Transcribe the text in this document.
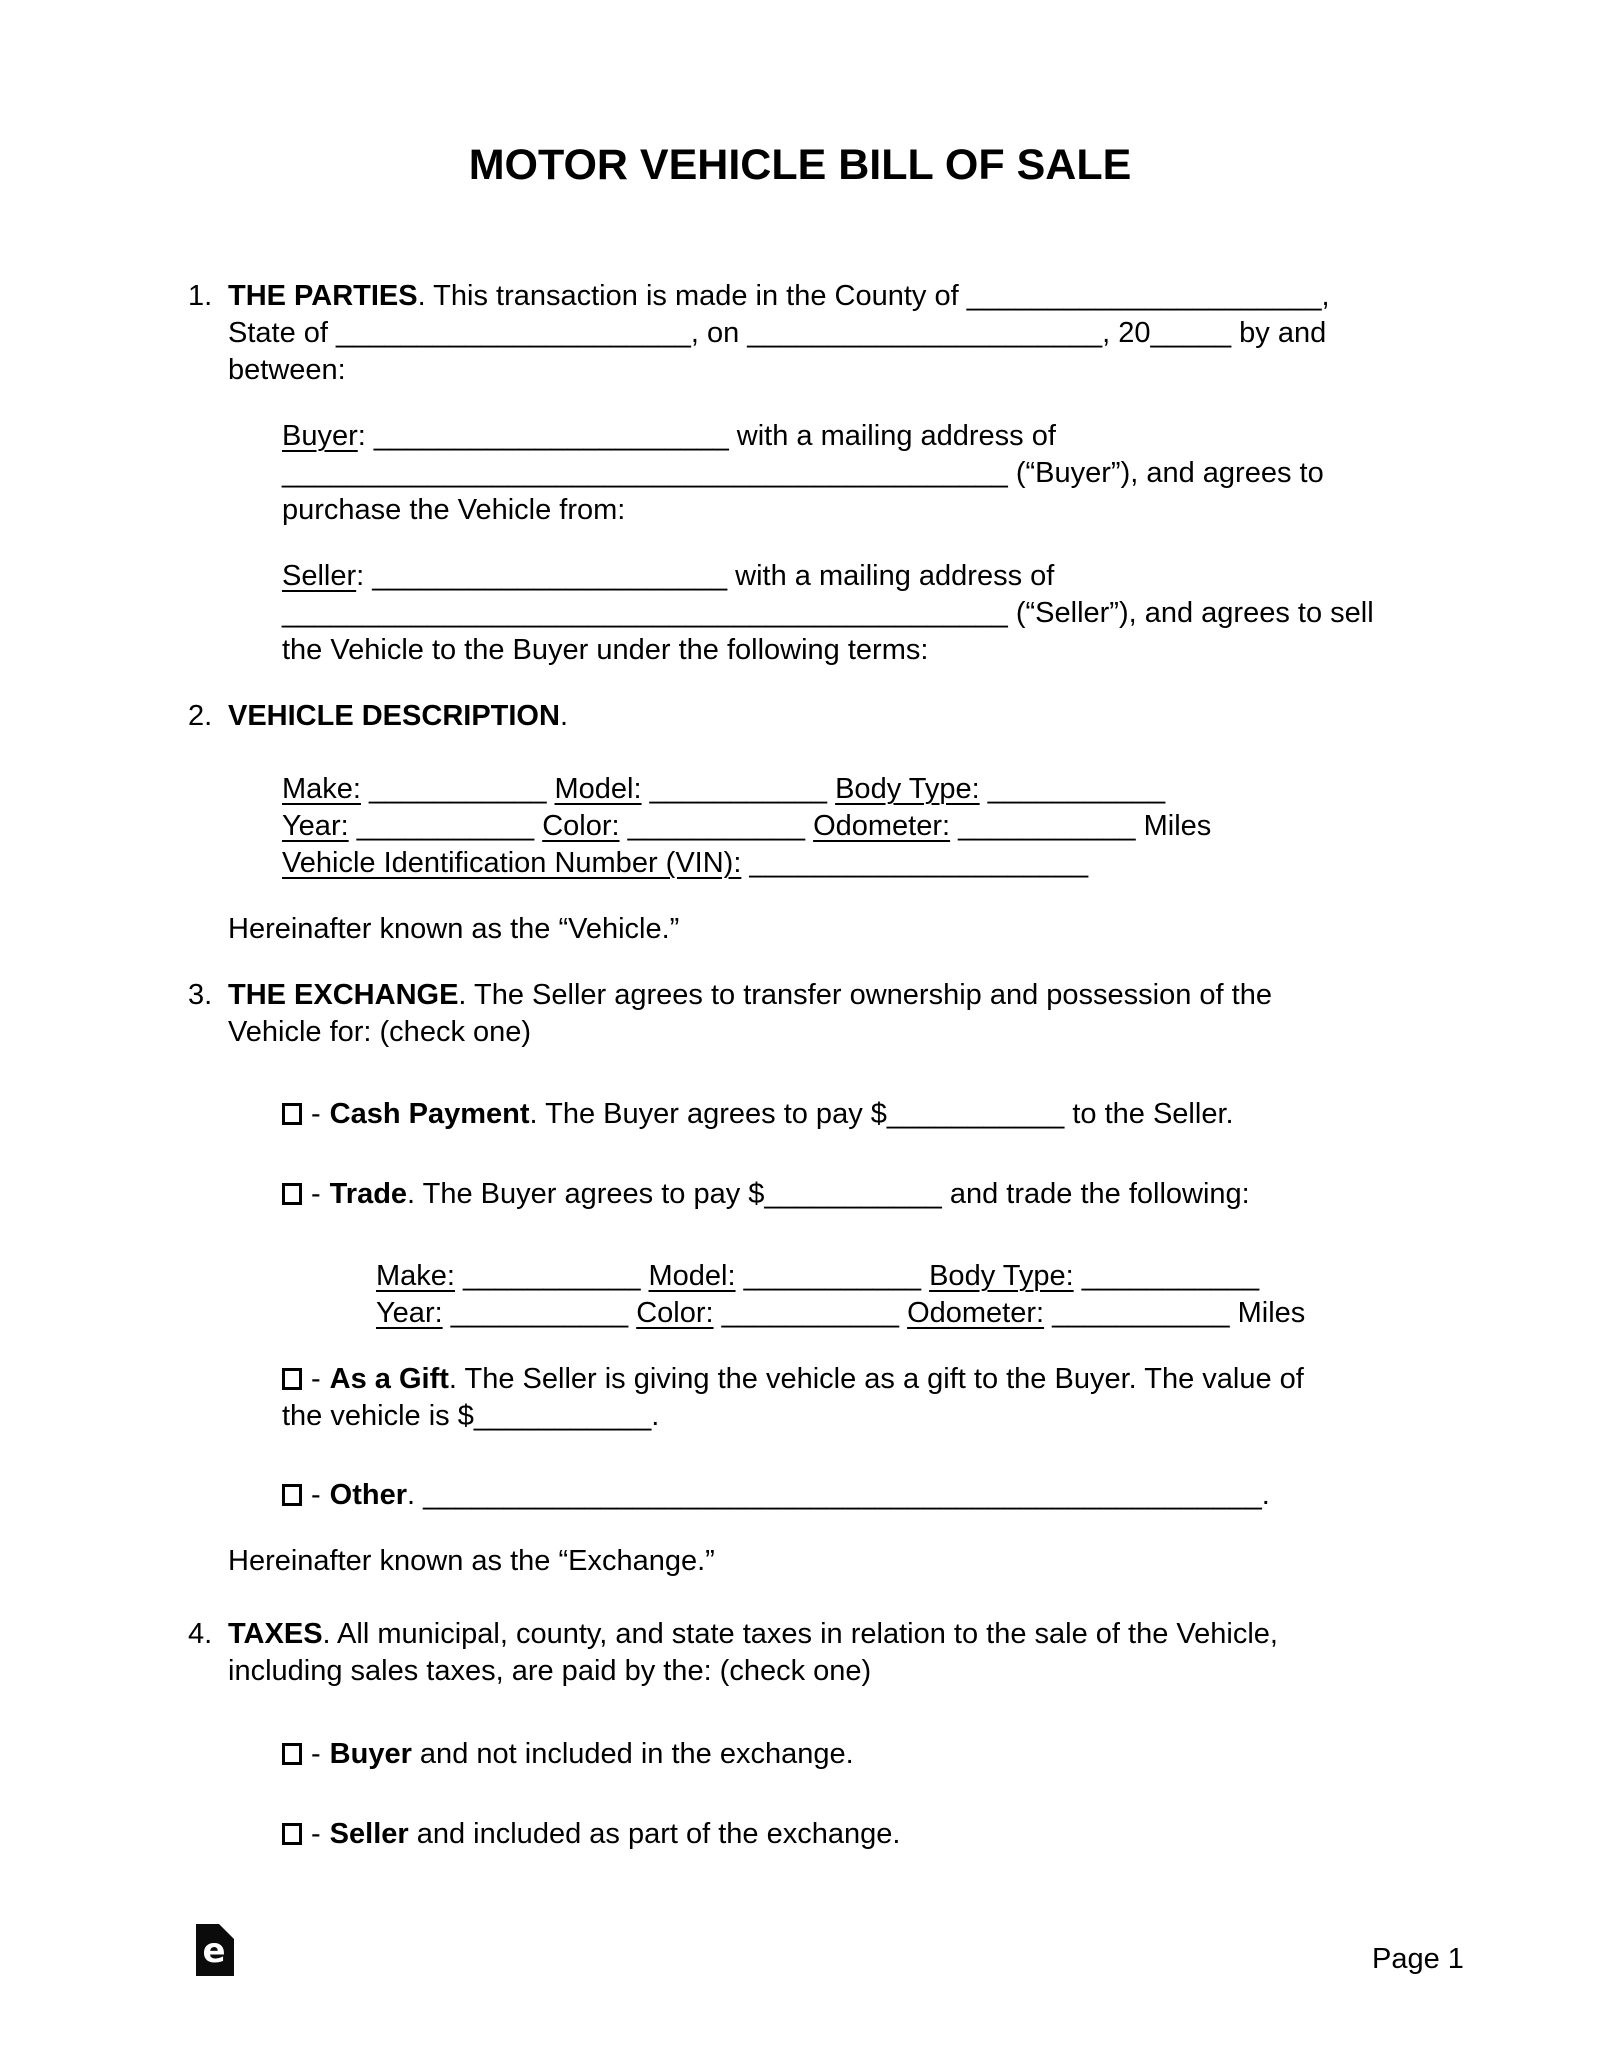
MOTOR VEHICLE BILL OF SALE
1. THE PARTIES. This transaction is made in the County of ______________________,
State of ______________________, on ______________________, 20_____ by and
between:
Buyer: ______________________ with a mailing address of
_____________________________________________ (“Buyer”), and agrees to
purchase the Vehicle from:
Seller: ______________________ with a mailing address of
_____________________________________________ (“Seller”), and agrees to sell
the Vehicle to the Buyer under the following terms:
2. VEHICLE DESCRIPTION.
Make: ___________ Model: ___________ Body Type: ___________
Year: ___________ Color: ___________ Odometer: ___________ Miles
Vehicle Identification Number (VIN): _____________________
Hereinafter known as the “Vehicle.”
3. THE EXCHANGE. The Seller agrees to transfer ownership and possession of the
Vehicle for: (check one)
- Cash Payment. The Buyer agrees to pay $___________ to the Seller.
- Trade. The Buyer agrees to pay $___________ and trade the following:
Make: ___________ Model: ___________ Body Type: ___________
Year: ___________ Color: ___________ Odometer: ___________ Miles
- As a Gift. The Seller is giving the vehicle as a gift to the Buyer. The value of
the vehicle is $___________.
- Other. ____________________________________________________.
Hereinafter known as the “Exchange.”
4. TAXES. All municipal, county, and state taxes in relation to the sale of the Vehicle,
including sales taxes, are paid by the: (check one)
- Buyer and not included in the exchange.
- Seller and included as part of the exchange.
e	Page 1
